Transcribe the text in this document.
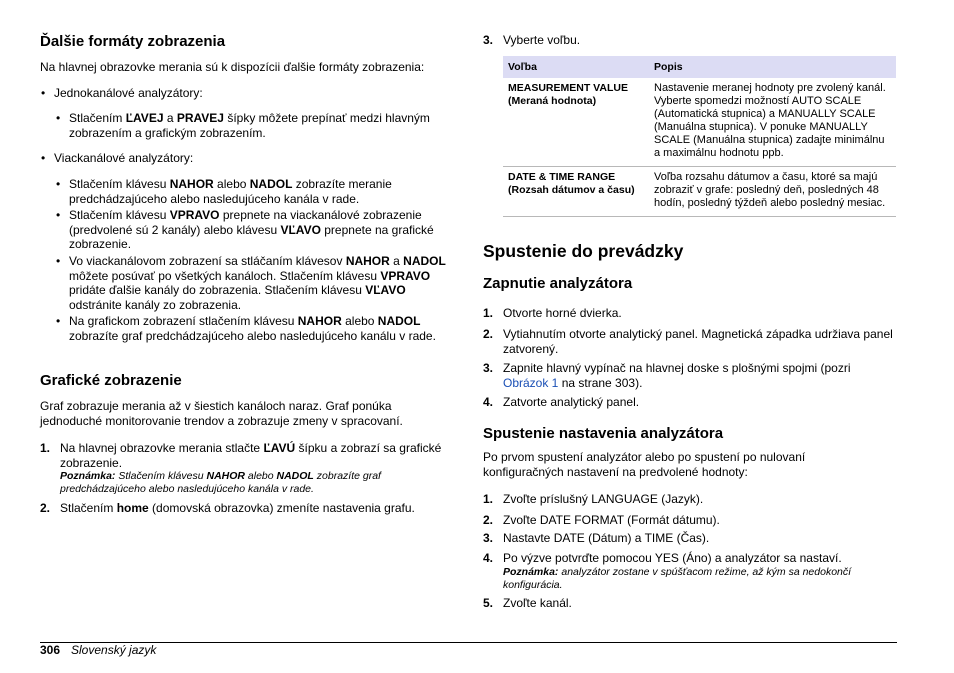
Ďalšie formáty zobrazenia

Na hlavnej obrazovke merania sú k dispozícii ďalšie formáty zobrazenia:

• Jednokanálové analyzátory:
• Stlačením ĽAVEJ a PRAVEJ šípky môžete prepínať medzi hlavným zobrazením a grafickým zobrazením.
• Viackanálové analyzátory:
• Stlačením klávesu NAHOR alebo NADOL zobrazíte meranie predchádzajúceho alebo nasledujúceho kanála v rade.
• Stlačením klávesu VPRAVO prepnete na viackanálové zobrazenie (predvolené sú 2 kanály) alebo klávesu VĽAVO prepnete na grafické zobrazenie.
• Vo viackanálovom zobrazení sa stláčaním klávesov NAHOR a NADOL môžete posúvať po všetkých kanáloch. Stlačením klávesu VPRAVO pridáte ďalšie kanály do zobrazenia. Stlačením klávesu VĽAVO odstránite kanály zo zobrazenia.
• Na grafickom zobrazení stlačením klávesu NAHOR alebo NADOL zobrazíte graf predchádzajúceho alebo nasledujúceho kanálu v rade.
Grafické zobrazenie

Graf zobrazuje merania až v šiestich kanáloch naraz. Graf ponúka jednoduché monitorovanie trendov a zobrazuje zmeny v spracovaní.

1. Na hlavnej obrazovke merania stlačte ĽAVÚ šípku a zobrazí sa grafické zobrazenie.
Poznámka: Stlačením klávesu NAHOR alebo NADOL zobrazíte graf predchádzajúceho alebo nasledujúceho kanála v rade.
2. Stlačením home (domovská obrazovka) zmeníte nastavenia grafu.
3. Vyberte voľbu.
Voľba	Popis
MEASUREMENT VALUE
(Meraná hodnota)	Nastavenie meranej hodnoty pre zvolený kanál. Vyberte spomedzi možností AUTO SCALE (Automatická stupnica) a MANUALLY SCALE (Manuálna stupnica). V ponuke MANUALLY SCALE (Manuálna stupnica) zadajte minimálnu a maximálnu hodnotu ppb.
DATE & TIME RANGE
(Rozsah dátumov a času)	Voľba rozsahu dátumov a času, ktoré sa majú zobraziť v grafe: posledný deň, posledných 48 hodín, posledný týždeň alebo posledný mesiac.
Spustenie do prevádzky
Zapnutie analyzátora
1. Otvorte horné dvierka.
2. Vytiahnutím otvorte analytický panel. Magnetická západka udržiava panel zatvorený.
3. Zapnite hlavný vypínač na hlavnej doske s plošnými spojmi (pozri Obrázok 1 na strane 303).
4. Zatvorte analytický panel.
Spustenie nastavenia analyzátora

Po prvom spustení analyzátor alebo po spustení po nulovaní konfiguračných nastavení na predvolené hodnoty:

1. Zvoľte príslušný LANGUAGE (Jazyk).
2. Zvoľte DATE FORMAT (Formát dátumu).
3. Nastavte DATE (Dátum) a TIME (Čas).
4. Po výzve potvrďte pomocou YES (Áno) a analyzátor sa nastaví.
Poznámka: analyzátor zostane v spúšťacom režime, až kým sa nedokončí konfigurácia.
5. Zvoľte kanál.
306 Slovenský jazyk
